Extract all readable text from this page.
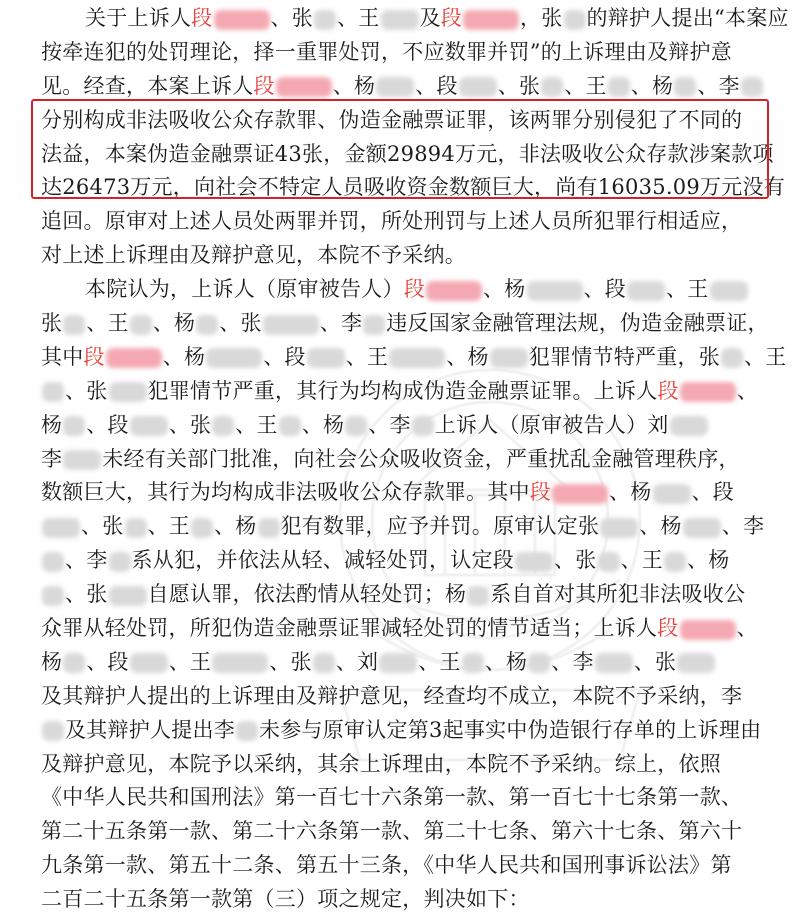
关于上诉人段	、张 、王 及段	，张 的辩护人提出“本案应
按牵连犯的处罚理论，择一重罪处罚，不应数罪并罚”的上诉理由及辩护意
见。经查，本案上诉人段	、杨 、段 、张 、王 、杨 、李
分别构成非法吸收公众存款罪、伪造金融票证罪，该两罪分别侵犯了不同的
法益，本案伪造金融票证43张，金额29894万元，非法吸收公众存款涉案款项
达26473万元，向社会不特定人员吸收资金数额巨大，尚有16035.09万元没有
追回。原审对上述人员处两罪并罚，所处刑罚与上述人员所犯罪行相适应，
对上述上诉理由及辩护意见，本院不予采纳。
本院认为，上诉人（原审被告人）段	、杨	、段 、王
张 、王 、杨 、张	、李 违反国家金融管理法规，伪造金融票证，
其中段	、杨	、段 、王	、杨 犯罪情节特严重，张 、王
、张 犯罪情节严重，其行为均构成伪造金融票证罪。上诉人段	、
杨 、段 、张 、王 、杨 、李 上诉人（原审被告人）刘
李 未经有关部门批准，向社会公众吸收资金，严重扰乱金融管理秩序，
数额巨大，其行为均构成非法吸收公众存款罪。其中段	、杨 、段
、张 、王 、杨 犯有数罪，应予并罚。原审认定张 、杨 、李
、李 系从犯，并依法从轻、减轻处罚，认定段 、张 、王 、杨
、张 自愿认罪，依法酌情从轻处罚；杨 系自首对其所犯非法吸收公
众罪从轻处罚，所犯伪造金融票证罪减轻处罚的情节适当；上诉人段	、
杨 、段 、王	、张 、刘 、王 、杨 、李 、张
及其辩护人提出的上诉理由及辩护意见，经查均不成立，本院不予采纳，李
及其辩护人提出李 未参与原审认定第3起事实中伪造银行存单的上诉理由
及辩护意见，本院予以采纳，其余上诉理由，本院不予采纳。综上，依照
《中华人民共和国刑法》第一百七十六条第一款、第一百七十七条第一款、
第二十五条第一款、第二十六条第一款、第二十七条、第六十七条、第六十
九条第一款、第五十二条、第五十三条，《中华人民共和国刑事诉讼法》第
二百二十五条第一款第（三）项之规定，判决如下：
